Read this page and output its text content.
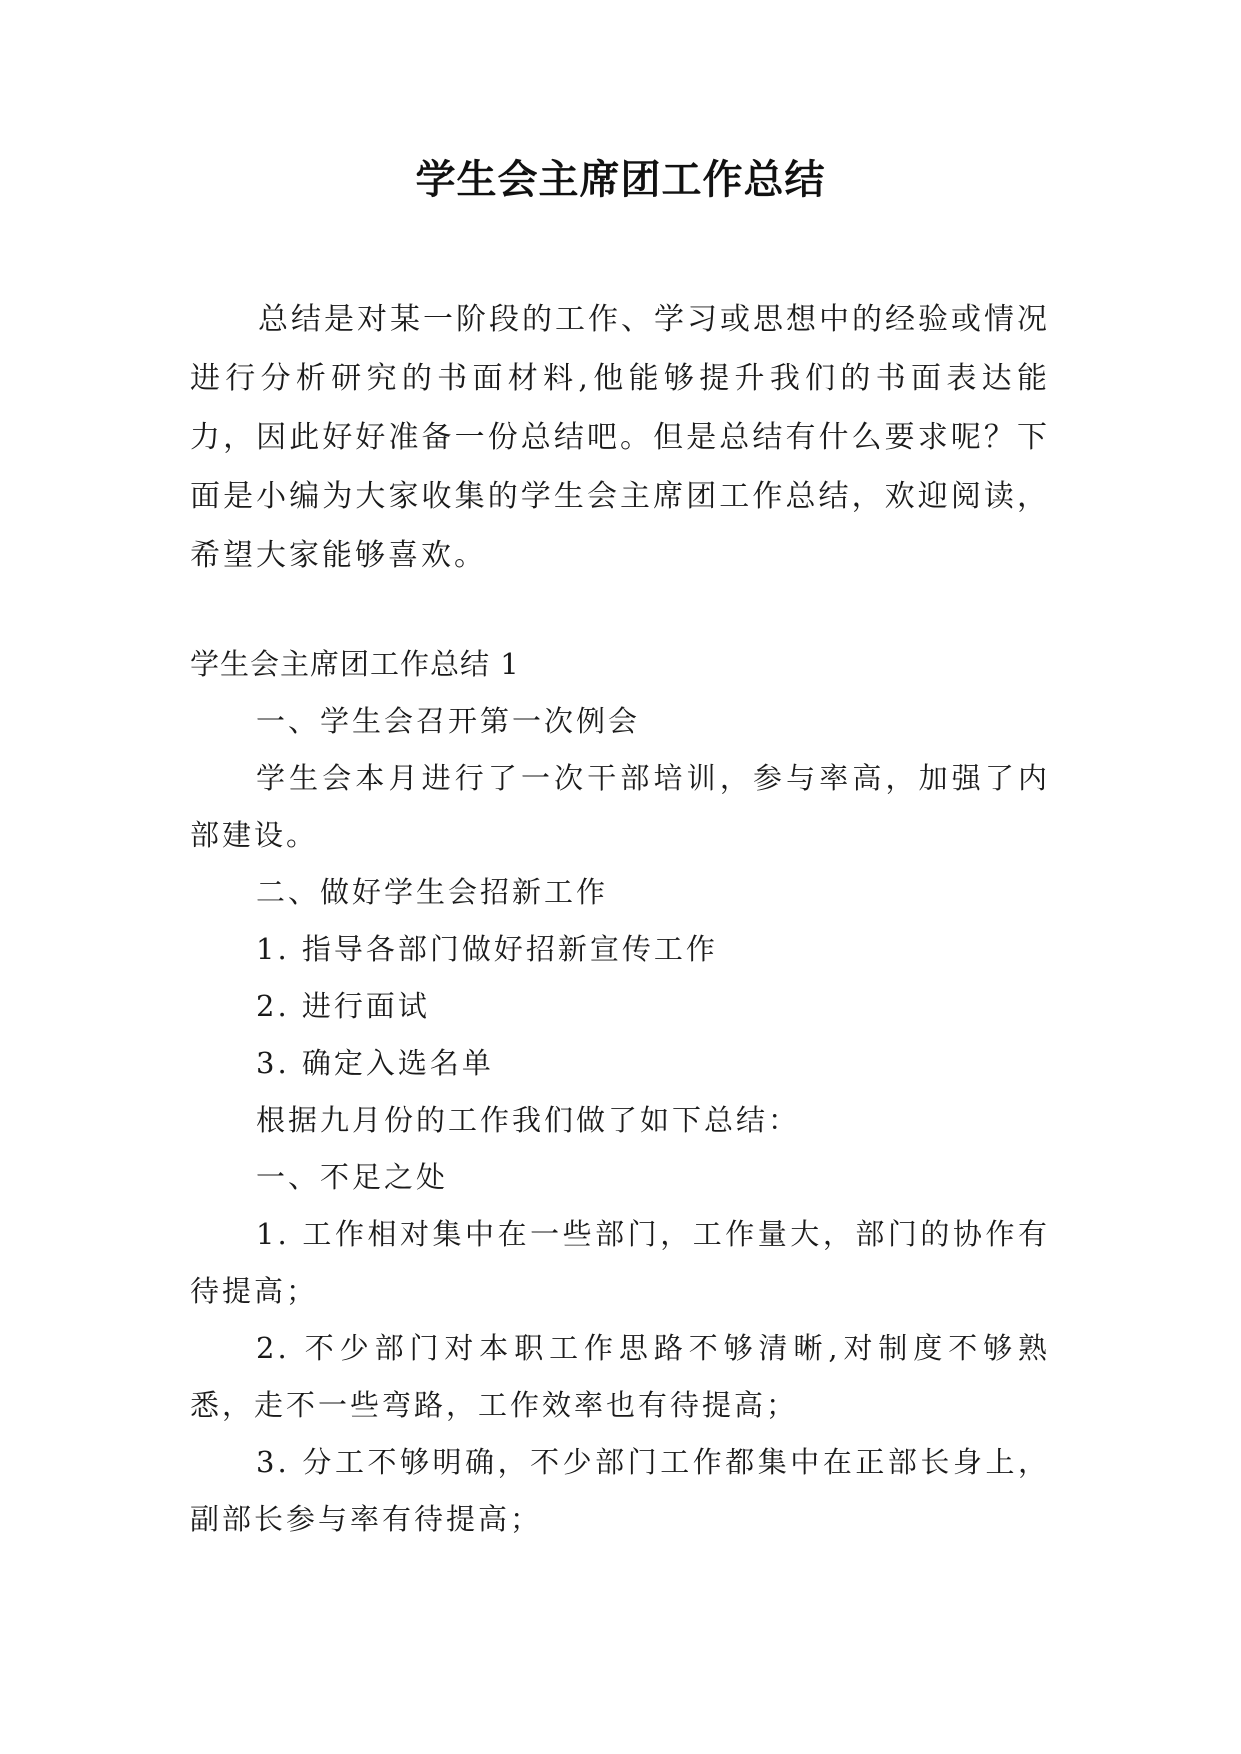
学生会主席团工作总结

总结是对某一阶段的工作、学习或思想中的经验或情况进行分析研究的书面材料,他能够提升我们的书面表达能力，因此好好准备一份总结吧。但是总结有什么要求呢？下面是小编为大家收集的学生会主席团工作总结，欢迎阅读，希望大家能够喜欢。

学生会主席团工作总结 1

一、学生会召开第一次例会

学生会本月进行了一次干部培训，参与率高，加强了内部建设。

二、做好学生会招新工作

1. 指导各部门做好招新宣传工作

2. 进行面试

3. 确定入选名单

根据九月份的工作我们做了如下总结：

一、不足之处

1. 工作相对集中在一些部门，工作量大，部门的协作有待提高；

2. 不少部门对本职工作思路不够清晰,对制度不够熟悉，走不一些弯路，工作效率也有待提高；

3. 分工不够明确，不少部门工作都集中在正部长身上，副部长参与率有待提高；
